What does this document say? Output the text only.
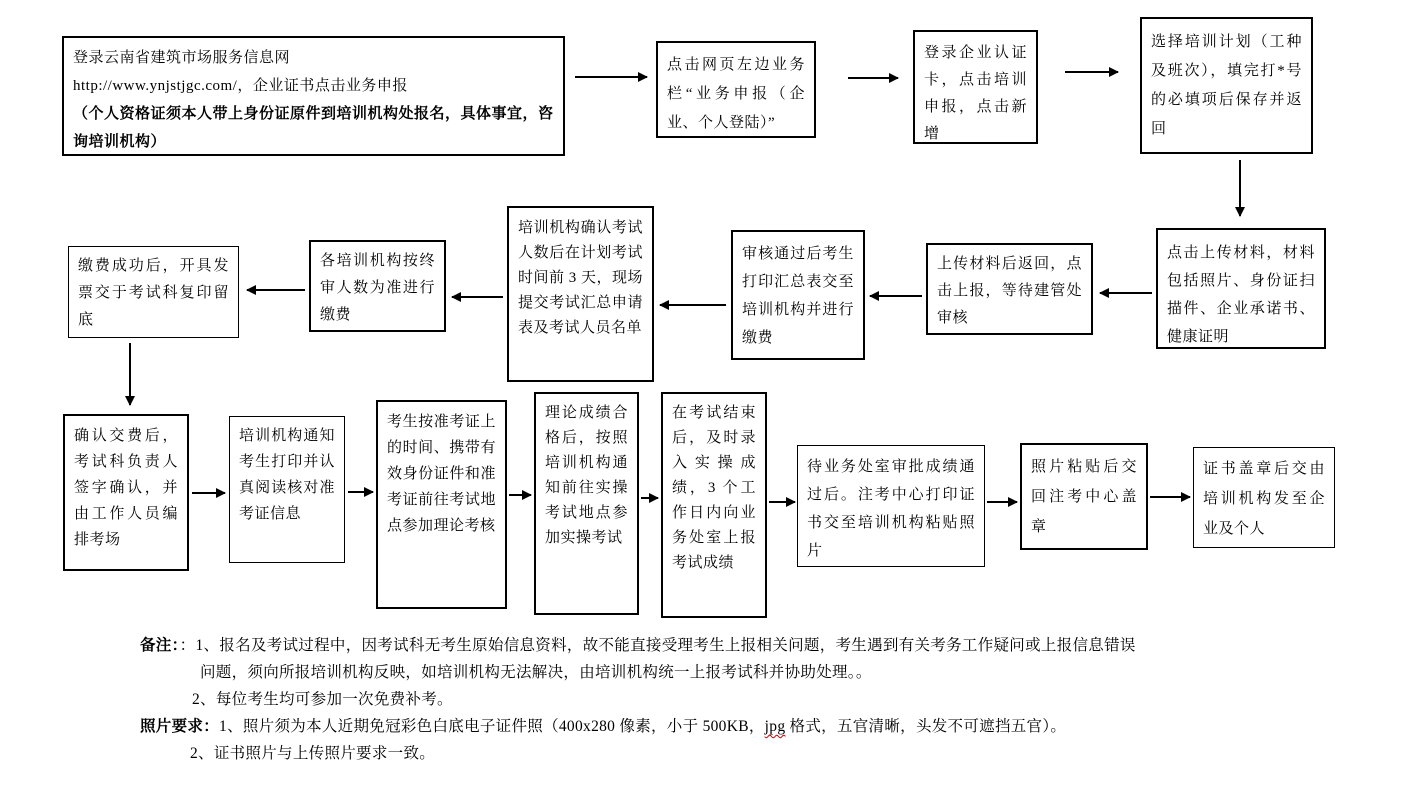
登录云南省建筑市场服务信息网
http://www.ynjstjgc.com/，企业证书点击业务申报
（个人资格证须本人带上身份证原件到培训机构处报名，具体事宜，咨询培训机构）
点击网页左边业务栏“业务申报（企业、个人登陆）”
登录企业认证卡，点击培训申报，点击新增
选择培训计划（工种及班次），填完打*号的必填项后保存并返回
点击上传材料，材料包括照片、身份证扫描件、企业承诺书、健康证明
上传材料后返回，点击上报，等待建管处审核
审核通过后考生打印汇总表交至培训机构并进行缴费
培训机构确认考试人数后在计划考试时间前 3 天，现场提交考试汇总申请表及考试人员名单
各培训机构按终审人数为准进行缴费
缴费成功后，开具发票交于考试科复印留底
确认交费后，考试科负责人签字确认，并由工作人员编排考场
培训机构通知考生打印并认真阅读核对准考证信息
考生按准考证上的时间、携带有效身份证件和准考证前往考试地点参加理论考核
理论成绩合格后，按照培训机构通知前往实操考试地点参加实操考试
在考试结束后，及时录入实操成绩，3 个工作日内向业务处室上报考试成绩
待业务处室审批成绩通过后。注考中心打印证书交至培训机构粘贴照片
照片粘贴后交回注考中心盖章
证书盖章后交由培训机构发至企业及个人
备注：：1、报名及考试过程中，因考试科无考生原始信息资料，故不能直接受理考生上报相关问题，考生遇到有关考务工作疑问或上报信息错误
问题，须向所报培训机构反映，如培训机构无法解决，由培训机构统一上报考试科并协助处理。。
2、每位考生均可参加一次免费补考。
照片要求：1、照片须为本人近期免冠彩色白底电子证件照（400x280 像素，小于 500KB，jpg 格式，五官清晰，头发不可遮挡五官）。
2、证书照片与上传照片要求一致。
